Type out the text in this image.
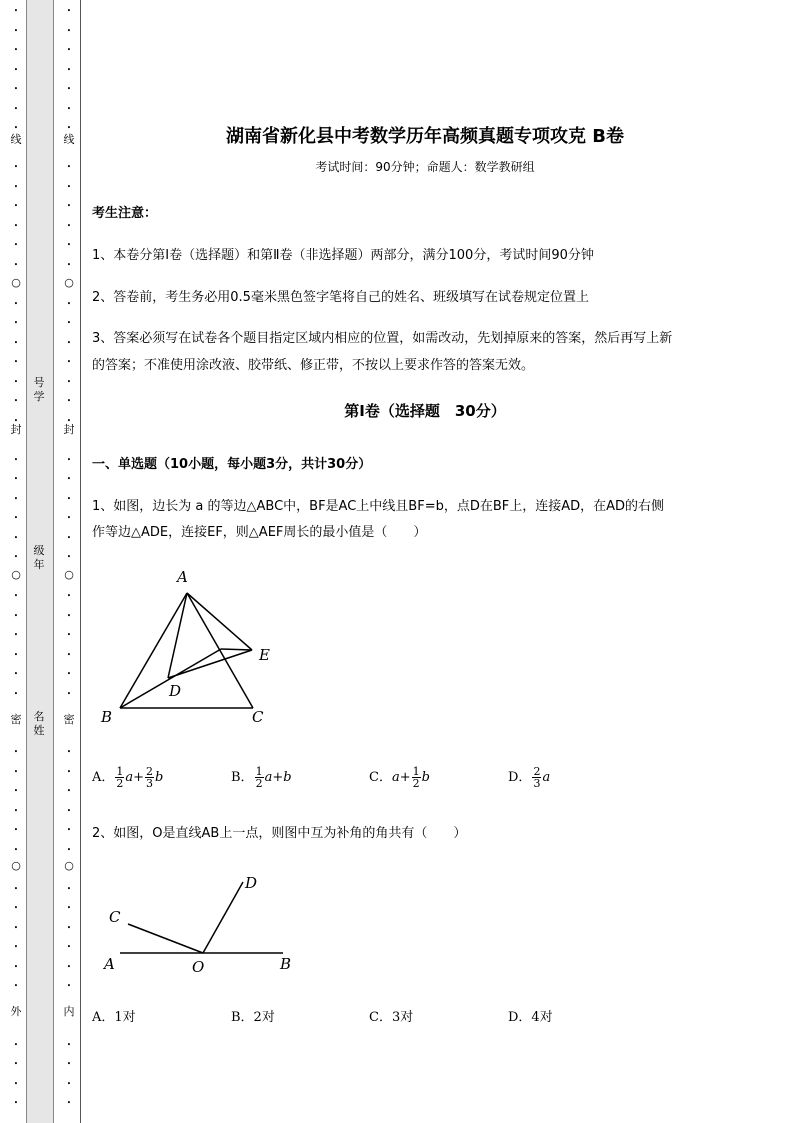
•
•
•
•
•
•
•
•
•
•
•
•
•
•
•
•
•
•
•
•
•
•
•
•
•
•
•
•
•
•
•
•
•
•
•
•
•
•
•
•
•
•
•
•
•
•
•
•
线
○
封
○
密
○
外
•
•
•
•
•
•
•
•
•
•
•
•
•
•
•
•
•
•
•
•
•
•
•
•
•
•
•
•
•
•
•
•
•
•
•
•
•
•
•
•
•
•
•
•
•
•
•
•
线
○
封
○
密
○
内
号
学
级
年
名
姓
湖南省新化县中考数学历年高频真题专项攻克 B卷
考试时间：90分钟；命题人：数学教研组
考生注意：
1、本卷分第I卷（选择题）和第Ⅱ卷（非选择题）两部分，满分100分，考试时间90分钟
2、答卷前，考生务必用0.5毫米黑色签字笔将自己的姓名、班级填写在试卷规定位置上
3、答案必须写在试卷各个题目指定区域内相应的位置，如需改动，先划掉原来的答案，然后再写上新
的答案；不准使用涂改液、胶带纸、修正带，不按以上要求作答的答案无效。
第I卷（选择题　30分）
一、单选题（10小题，每小题3分，共计30分）
1、如图，边长为 a 的等边△ABC中，BF是AC上中线且BF=b，点D在BF上，连接AD，在AD的右侧
作等边△ADE，连接EF，则△AEF周长的最小值是（　　）
A
B	C
D
E
A． $\frac{1}{2} a+ \frac{2}{3}$ b	B． $\frac{1}{2} a+b$	C．$a+ \frac{1}{2}$ b	D． $\frac{2}{3}$ a
2、如图，O是直线AB上一点，则图中互为补角的角共有（　　）
C
D
A	O	B
A．1对	B．2对	C．3对	D．4对
